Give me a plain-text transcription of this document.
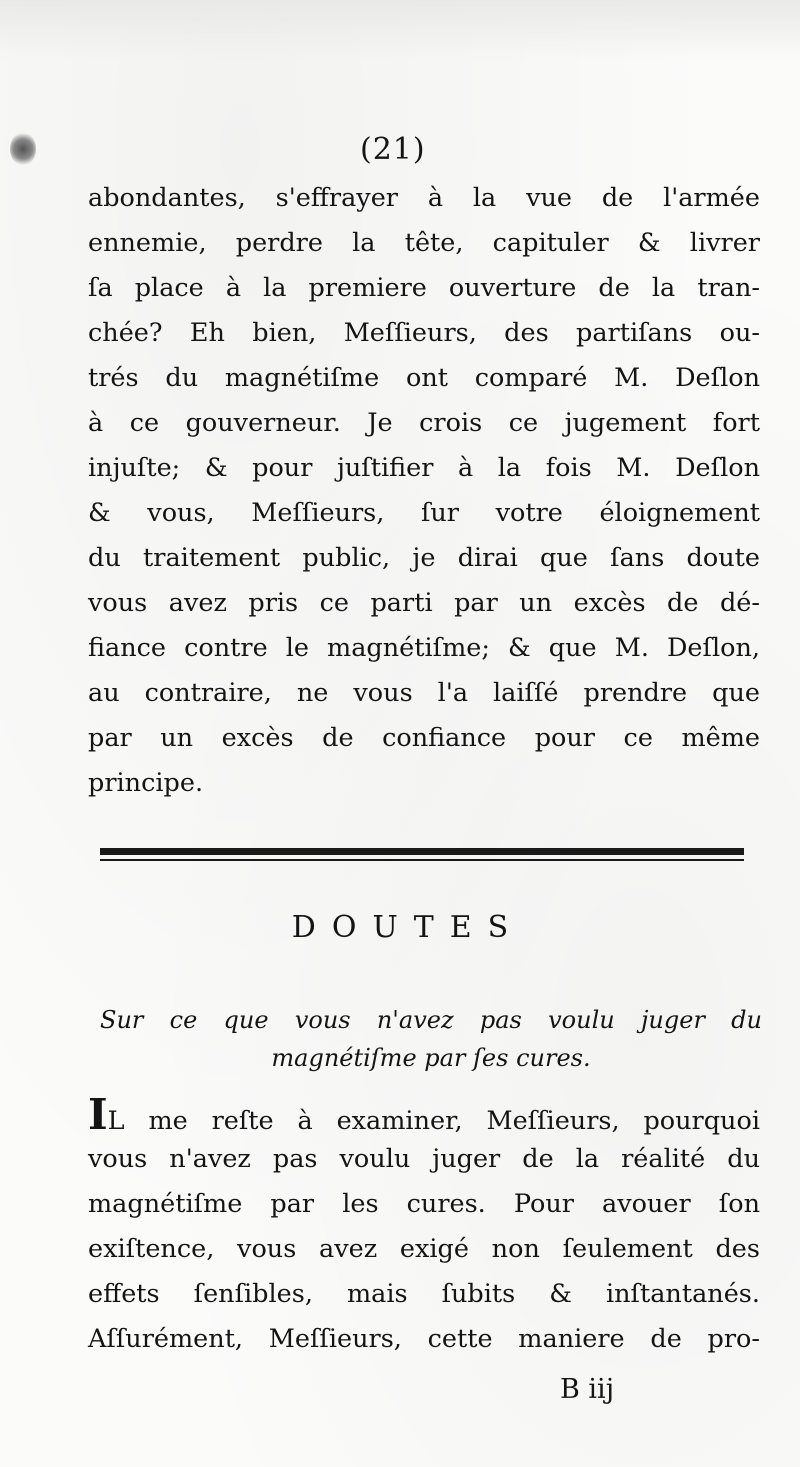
(21)

abondantes, s'effrayer à la vue de l'armée
ennemie, perdre la tête, capituler & livrer
ſa place à la premiere ouverture de la tran-
chée? Eh bien, Meſſieurs, des partiſans ou-
trés du magnétiſme ont comparé M. Deſlon
à ce gouverneur. Je crois ce jugement fort
injuſte; & pour juſtifier à la fois M. Deſlon
& vous, Meſſieurs, ſur votre éloignement
du traitement public, je dirai que ſans doute
vous avez pris ce parti par un excès de dé-
fiance contre le magnétiſme; & que M. Deſlon,
au contraire, ne vous l'a laiſſé prendre que
par un excès de confiance pour ce même
principe.

DOUTES
Sur ce que vous n'avez pas voulu juger du
magnétiſme par ſes cures.

IL me reſte à examiner, Meſſieurs, pourquoi
vous n'avez pas voulu juger de la réalité du
magnétiſme par les cures. Pour avouer ſon
exiſtence, vous avez exigé non ſeulement des
effets ſenſibles, mais ſubits & inſtantanés.
Aſſurément, Meſſieurs, cette maniere de pro-

B iij
